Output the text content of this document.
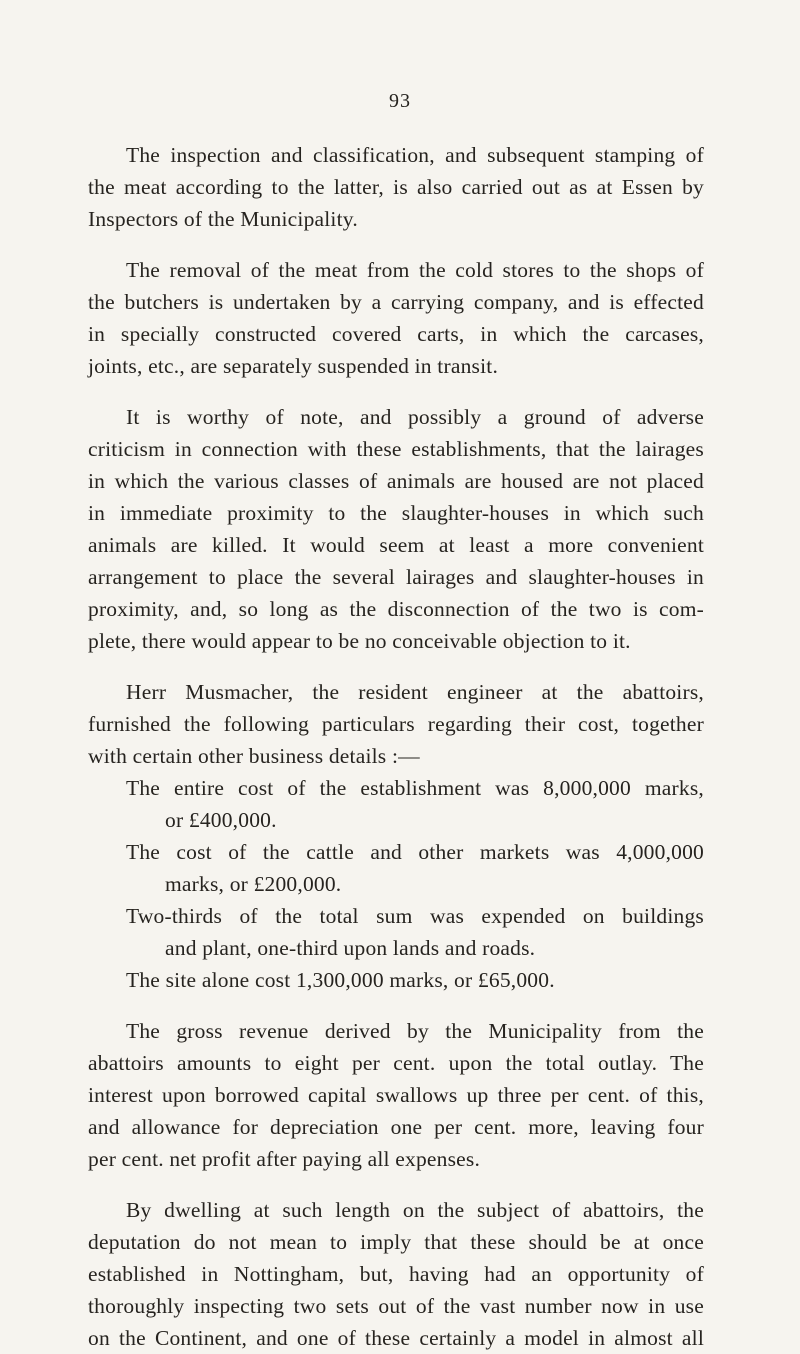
93
The inspection and classification, and subsequent stamping of
the meat according to the latter, is also carried out as at Essen by
Inspectors of the Municipality.
The removal of the meat from the cold stores to the shops of
the butchers is undertaken by a carrying company, and is effected
in specially constructed covered carts, in which the carcases,
joints, etc., are separately suspended in transit.
It is worthy of note, and possibly a ground of adverse
criticism in connection with these establishments, that the lairages
in which the various classes of animals are housed are not placed
in immediate proximity to the slaughter-houses in which such
animals are killed. It would seem at least a more convenient
arrangement to place the several lairages and slaughter-houses in
proximity, and, so long as the disconnection of the two is com-
plete, there would appear to be no conceivable objection to it.
Herr Musmacher, the resident engineer at the abattoirs,
furnished the following particulars regarding their cost, together
with certain other business details :—
The entire cost of the establishment was 8,000,000 marks,
or £400,000.
The cost of the cattle and other markets was 4,000,000
marks, or £200,000.
Two-thirds of the total sum was expended on buildings
and plant, one-third upon lands and roads.
The site alone cost 1,300,000 marks, or £65,000.
The gross revenue derived by the Municipality from the
abattoirs amounts to eight per cent. upon the total outlay. The
interest upon borrowed capital swallows up three per cent. of this,
and allowance for depreciation one per cent. more, leaving four
per cent. net profit after paying all expenses.
By dwelling at such length on the subject of abattoirs, the
deputation do not mean to imply that these should be at once
established in Nottingham, but, having had an opportunity of
thoroughly inspecting two sets out of the vast number now in use
on the Continent, and one of these certainly a model in almost all
